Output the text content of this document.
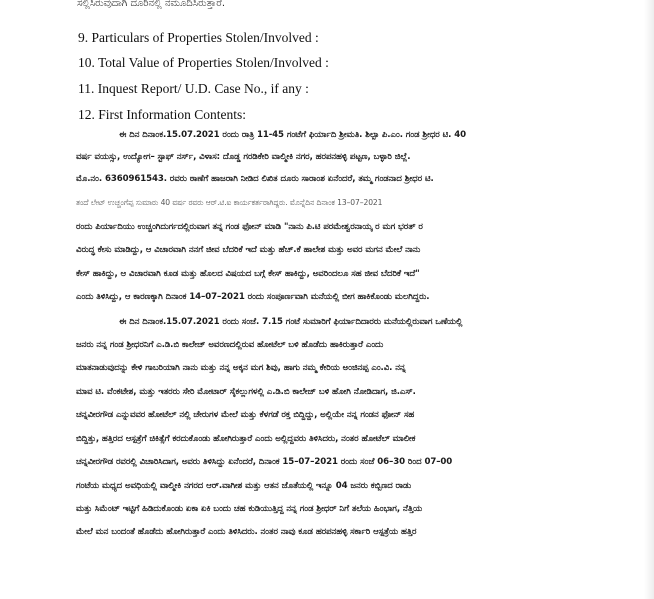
ಸಲ್ಲಿಸಿರುವುದಾಗಿ ದೂರಿನಲ್ಲಿ ನಮೂದಿಸಿರುತ್ತಾರೆ.
9. Particulars of Properties Stolen/Involved :
10. Total Value of Properties Stolen/Involved :
11. Inquest Report/ U.D. Case No., if any :
12. First Information Contents:
ಈ ದಿನ ದಿನಾಂಕ.15.07.2021 ರಂದು ರಾತ್ರಿ 11-45 ಗಂಟೆಗೆ ಫಿರ್ಯಾದಿ ಶ್ರೀಮತಿ. ಶಿಲ್ಪಾ ಪಿ.ಎಂ. ಗಂಡ ಶ್ರೀಧರ ಟಿ. 40
ವರ್ಷ ವಯಸ್ಸು, ಉದ್ಯೋಗ– ಸ್ಟಾಫ್ ನರ್ಸ್, ವಿಳಾಸ: ದೊಡ್ಡ ಗರಡಿಕೇರಿ ವಾಲ್ಮೀಕಿ ನಗರ, ಹರಪನಹಳ್ಳಿ ಪಟ್ಟಣ, ಬಳ್ಳಾರಿ ಜಿಲ್ಲೆ.
ಮೊ.ನಂ. 6360961543. ರವರು ಠಾಣೆಗೆ ಹಾಜರಾಗಿ ನೀಡಿದ ಲಿಖಿತ ದೂರು ಸಾರಾಂಶ ಏನೆಂದರೆ, ತಮ್ಮ ಗಂಡನಾದ ಶ್ರೀಧರ ಟಿ.
ತಂದೆ ಲೇಟ್ ಉಚ್ಚಂಗೆಪ್ಪ ಸುಮಾರು 40 ವರ್ಷ ರವರು ಆರ್.ಟಿ.ಐ ಕಾರ್ಯಕರ್ತರಾಗಿದ್ದರು. ಮೊನ್ನೆದಿನ ದಿನಾಂಕ 13–07–2021
ರಂದು ಪಿರ್ಯಾದಿಯು ಉಚ್ಚಂಗಿದುರ್ಗದಲ್ಲಿರುವಾಗ ತನ್ನ ಗಂಡ ಫೋನ್ ಮಾಡಿ "ನಾನು ಪಿ.ಟಿ ಪರಮೇಶ್ವರನಾಯ್ಕ ರ ಮಗ ಭರತ್ ರ
ವಿರುದ್ಧ ಕೇಸು ಮಾಡಿದ್ದು, ಆ ವಿಚಾರವಾಗಿ ನನಗೆ ಜೀವ ಬೆದರಿಕೆ ಇದೆ ಮತ್ತು ಹೆಚ್.ಕೆ ಹಾಲೇಶ ಮತ್ತು ಅವರ ಮಗನ ಮೇಲೆ ನಾನು
ಕೇಸ್ ಹಾಕಿದ್ದು, ಆ ವಿಚಾರವಾಗಿ ಕೂಡ ಮತ್ತು ಹೊಲದ ವಿಷಯದ ಬಗ್ಗೆ ಕೇಸ್ ಹಾಕಿದ್ದು, ಅವರಿಂದಲೂ ಸಹ ಜೀವ ಬೆದರಿಕೆ ಇದೆ"
ಎಂದು ತಿಳಿಸಿದ್ದು, ಆ ಕಾರಣಕ್ಕಾಗಿ ದಿನಾಂಕ 14–07–2021 ರಂದು ಸಂಪೂರ್ಣವಾಗಿ ಮನೆಯಲ್ಲಿ ಬೀಗ ಹಾಕಿಕೊಂಡು ಮಲಗಿದ್ದರು.
ಈ ದಿನ ದಿನಾಂಕ.15.07.2021 ರಂದು ಸಂಜೆ. 7.15 ಗಂಟೆ ಸುಮಾರಿಗೆ ಫಿರ್ಯಾದಿದಾರರು ಮನೆಯಲ್ಲಿರುವಾಗ ಒಣೆಯಲ್ಲಿ
ಜನರು ನನ್ನ ಗಂಡ ಶ್ರೀಧರನಿಗೆ ಎ.ಡಿ.ಬಿ ಕಾಲೇಜ್ ಅವರಣದಲ್ಲಿರುವ ಹೋಟೆಲ್ ಬಳಿ ಹೊಡೆದು ಹಾಕಿರುತ್ತಾರೆ ಎಂದು
ಮಾತನಾಡುವುದನ್ನು ಕೇಳಿ ಗಾಬರಿಯಾಗಿ ನಾನು ಮತ್ತು ನನ್ನ ಅಕ್ಕನ ಮಗ ಶಿವು, ಹಾಗು ನಮ್ಮ ಕೇರಿಯ ಅಂಜಿನಪ್ಪ ಎಂ.ವಿ. ನನ್ನ
ಮಾವ ಟಿ. ವೆಂಕಟೇಶ, ಮತ್ತು ಇತರರು ಸೇರಿ ಮೋಟಾರ್ ಸೈಕಲ್ಲುಗಳಲ್ಲಿ ಎ.ಡಿ.ಬಿ ಕಾಲೇಜ್ ಬಳಿ ಹೋಗಿ ನೋಡಿದಾಗ, ಜಿ.ಎಸ್.
ಚನ್ನವೀರಗೌಡ ಎನ್ನುವವರ ಹೋಟೆಲ್ ನಲ್ಲಿ ಚೇರುಗಳ ಮೇಲೆ ಮತ್ತು ಕೆಳಗಡೆ ರಕ್ತ ಬಿದ್ದಿದ್ದು, ಅಲ್ಲಿಯೇ ನನ್ನ ಗಂಡನ ಫೋನ್ ಸಹ
ಬಿದ್ದಿತ್ತು, ಹತ್ತಿರದ ಆಸ್ಪತ್ರೆಗೆ ಚಿಕಿತ್ಸೆಗೆ ಕರದುಕೊಂಡು ಹೋಗಿರುತ್ತಾರೆ ಎಂದು ಅಲ್ಲಿದ್ದವರು ತಿಳಿಸಿದರು, ನಂತರ ಹೋಟೆಲ್ ಮಾಲೀಕ
ಚನ್ನವೀರಗೌಡ ರವರಲ್ಲಿ ವಿಚಾರಿಸಿದಾಗ, ಅವರು ತಿಳಿಸಿದ್ದು ಏನೆಂದರೆ, ದಿನಾಂಕ 15–07–2021 ರಂದು ಸಂಜೆ 06–30 ರಿಂದ 07–00
ಗಂಟೆಯ ಮಧ್ಯದ ಅವಧಿಯಲ್ಲಿ ವಾಲ್ಮೀಕಿ ನಗರದ ಆರ್.ವಾಗೀಶ ಮತ್ತು ಆತನ ಜೊತೆಯಲ್ಲಿ ಇನ್ನೂ 04 ಜನರು ಕಬ್ಬಿಣದ ರಾಡು
ಮತ್ತು ಸಿಮೆಂಟ್ ಇಟ್ಟಿಗೆ ಹಿಡಿದುಕೊಂಡು ಏಕಾ ಏಕಿ ಬಂದು ಚಹ ಕುಡಿಯುತ್ತಿದ್ದ ನನ್ನ ಗಂಡ ಶ್ರೀಧರ್ ನಿಗೆ ತಲೆಯ ಹಿಂಭಾಗ, ನೆತ್ತಿಯ
ಮೇಲೆ ಮನ ಬಂದಂತೆ ಹೊಡೆದು ಹೋಗಿರುತ್ತಾರೆ ಎಂದು ತಿಳಿಸಿದರು. ನಂತರ ನಾವು ಕೂಡ ಹರಪನಹಳ್ಳಿ ಸರ್ಕಾರಿ ಆಸ್ಪತ್ರೆಯ ಹತ್ತಿರ
